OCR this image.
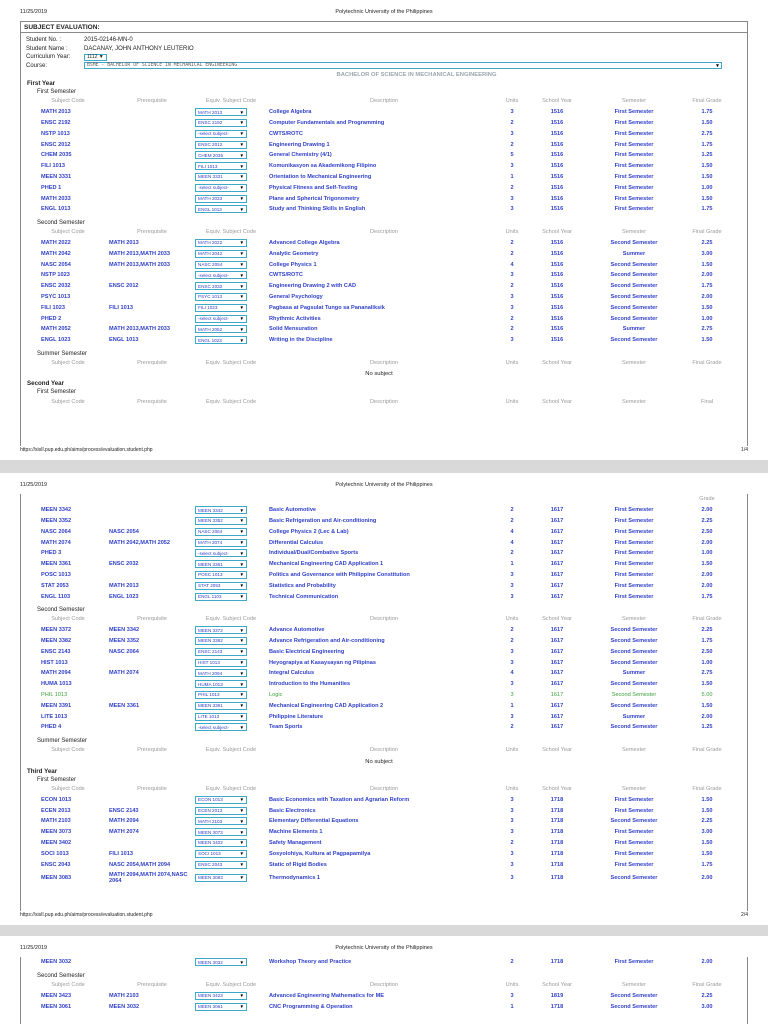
11/25/2019	Polytechnic University of the Philippines
SUBJECT EVALUATION:
Student No. :	2015-02146-MN-0
Student Name :	DACANAY, JOHN ANTHONY LEUTERIO
Curriculum Year:	1112
▼
Course:	BSME - BACHELOR OF SCIENCE IN MECHANICAL ENGINEERING	▼
BACHELOR OF SCIENCE IN MECHANICAL ENGINEERING
First Year
First Semester
Subject Code	Prerequisite	Equiv. Subject Code	Description	Units	School Year	Semester	Final Grade
MATH 2013		MATH 2013 ▼	College Algebra	3	1516	First Semester	1.75
ENSC 2192		ENSC 2192 ▼	Computer Fundamentals and Programming	2	1516	First Semester	1.50
NSTP 1013		-select subject- ▼	CWTS/ROTC	3	1516	First Semester	2.75
ENSC 2012		ENSC 2012 ▼	Engineering Drawing 1	2	1516	First Semester	1.75
CHEM 2035		CHEM 2035 ▼	General Chemistry (4/1)	5	1516	First Semester	1.25
FILI 1013		FILI 1013 ▼	Komunikasyon sa Akademikong Filipino	3	1516	First Semester	1.50
MEEN 3331		MEEN 3331 ▼	Orientation to Mechanical Engineering	1	1516	First Semester	1.50
PHED 1		-select subject- ▼	Physical Fitness and Self-Testing	2	1516	First Semester	1.00
MATH 2033		MATH 2033 ▼	Plane and Spherical Trigonometry	3	1516	First Semester	1.50
ENGL 1013		ENGL 1013 ▼	Study and Thinking Skills in English	3	1516	First Semester	1.75
Second Semester
Subject Code	Prerequisite	Equiv. Subject Code	Description	Units	School Year	Semester	Final Grade
MATH 2022	MATH 2013	MATH 2022 ▼	Advanced College Algebra	2	1516	Second Semester	2.25
MATH 2042	MATH 2013,MATH 2033	MATH 2042 ▼	Analytic Geometry	2	1516	Summer	3.00
NASC 2054	MATH 2013,MATH 2033	NASC 2054 ▼	College Physics 1	4	1516	Second Semester	1.50
NSTP 1023		-select subject- ▼	CWTS/ROTC	3	1516	Second Semester	2.00
ENSC 2032	ENSC 2012	ENSC 2032 ▼	Engineering Drawing 2 with CAD	2	1516	Second Semester	1.75
PSYC 1013		PSYC 1013 ▼	General Psychology	3	1516	Second Semester	2.00
FILI 1023	FILI 1013	FILI 1023 ▼	Pagbasa at Pagsulat Tungo sa Pananaliksik	3	1516	Second Semester	1.50
PHED 2		-select subject- ▼	Rhythmic Activities	2	1516	Second Semester	1.00
MATH 2052	MATH 2013,MATH 2033	MATH 2052 ▼	Solid Mensuration	2	1516	Summer	2.75
ENGL 1023	ENGL 1013	ENGL 1023 ▼	Writing in the Discipline	3	1516	Second Semester	1.50
Summer Semester
Subject Code	Prerequisite	Equiv. Subject Code	Description	Units	School Year	Semester	Final Grade
No subject
Second Year
First Semester
Subject Code	Prerequisite	Equiv. Subject Code	Description	Units	School Year	Semester	Final
https://sisIl.pup.edu.ph/aims/process/evaluation.student.php	1/4
11/25/2019	Polytechnic University of the Philippines
							Grade
MEEN 3342		MEEN 3342 ▼	Basic Automotive	2	1617	First Semester	2.00
MEEN 3352		MEEN 3352 ▼	Basic Refrigeration and Air-conditioning	2	1617	First Semester	2.25
NASC 2064	NASC 2054	NASC 2064 ▼	College Physics 2 (Lec & Lab)	4	1617	First Semester	2.50
MATH 2074	MATH 2042,MATH 2052	MATH 2074 ▼	Differential Calculus	4	1617	First Semester	2.00
PHED 3		-select subject- ▼	Individual/Dual/Combative Sports	2	1617	First Semester	1.00
MEEN 3361	ENSC 2032	MEEN 3361 ▼	Mechanical Engineering CAD Application 1	1	1617	First Semester	1.50
POSC 1013		POSC 1013 ▼	Politics and Governance with Philippine Constitution	3	1617	First Semester	2.00
STAT 2053	MATH 2013	STAT 2053 ▼	Statistics and Probability	3	1617	First Semester	2.00
ENGL 1103	ENGL 1023	ENGL 1103 ▼	Technical Communication	3	1617	First Semester	1.75
Second Semester
Subject Code	Prerequisite	Equiv. Subject Code	Description	Units	School Year	Semester	Final Grade
MEEN 3372	MEEN 3342	MEEN 3372 ▼	Advance Automotive	2	1617	Second Semester	2.25
MEEN 3382	MEEN 3352	MEEN 3382 ▼	Advance Refrigeration and Air-conditioning	2	1617	Second Semester	1.75
ENSC 2143	NASC 2064	ENSC 2143 ▼	Basic Electrical Engineering	3	1617	Second Semester	2.50
HIST 1013		HIST 1013 ▼	Heyograpiya at Kasaysayan ng Pilipinas	3	1617	Second Semester	1.00
MATH 2094	MATH 2074	MATH 2094 ▼	Integral Calculus	4	1617	Summer	2.75
HUMA 1013		HUMA 1013 ▼	Introduction to the Humanities	3	1617	Second Semester	1.50
PHIL 1013		PHIL 1013 ▼	Logic	3	1617	Second Semester	5.00
MEEN 3391	MEEN 3361	MEEN 3391 ▼	Mechanical Engineering CAD Application 2	1	1617	Second Semester	1.50
LITE 1013		LITE 1013 ▼	Philippine Literature	3	1617	Summer	2.00
PHED 4		-select subject- ▼	Team Sports	2	1617	Second Semester	1.25
Summer Semester
Subject Code	Prerequisite	Equiv. Subject Code	Description	Units	School Year	Semester	Final Grade
No subject
Third Year
First Semester
Subject Code	Prerequisite	Equiv. Subject Code	Description	Units	School Year	Semester	Final Grade
ECON 1013		ECON 1013 ▼	Basic Economics with Taxation and Agrarian Reform	3	1718	First Semester	1.50
ECEN 2013	ENSC 2143	ECEN 2013 ▼	Basic Electronics	3	1718	First Semester	1.50
MATH 2103	MATH 2094	MATH 2103 ▼	Elementary Differential Equations	3	1718	Second Semester	2.25
MEEN 3073	MATH 2074	MEEN 3073 ▼	Machine Elements 1	3	1718	First Semester	3.00
MEEN 3402		MEEN 3402 ▼	Safety Management	2	1718	First Semester	1.50
SOCI 1013	FILI 1013	SOCI 1013 ▼	Sosyolohiya, Kultura at Pagpapamilya	3	1718	First Semester	1.50
ENSC 2043	NASC 2054,MATH 2094	ENSC 2043 ▼	Static of Rigid Bodies	3	1718	First Semester	1.75
MEEN 3083	MATH 2094,MATH 2074,NASC 2064	MEEN 3083 ▼	Thermodynamics 1	3	1718	Second Semester	2.00
https://sisIl.pup.edu.ph/aims/process/evaluation.student.php	2/4
11/25/2019	Polytechnic University of the Philippines
MEEN 3032		MEEN 3032	▼	Workshop Theory and Practice	2	1718	First Semester	2.00
Second Semester
Subject Code	Prerequisite	Equiv. Subject Code	Description	Units	School Year	Semester	Final Grade
MEEN 3423	MATH 2103	MEEN 3423 ▼	Advanced Engineering Mathematics for ME	3	1819	Second Semester	2.25
MEEN 3061	MEEN 3032	MEEN 3061 ▼	CNC Programming & Operation	1	1718	Second Semester	3.00
